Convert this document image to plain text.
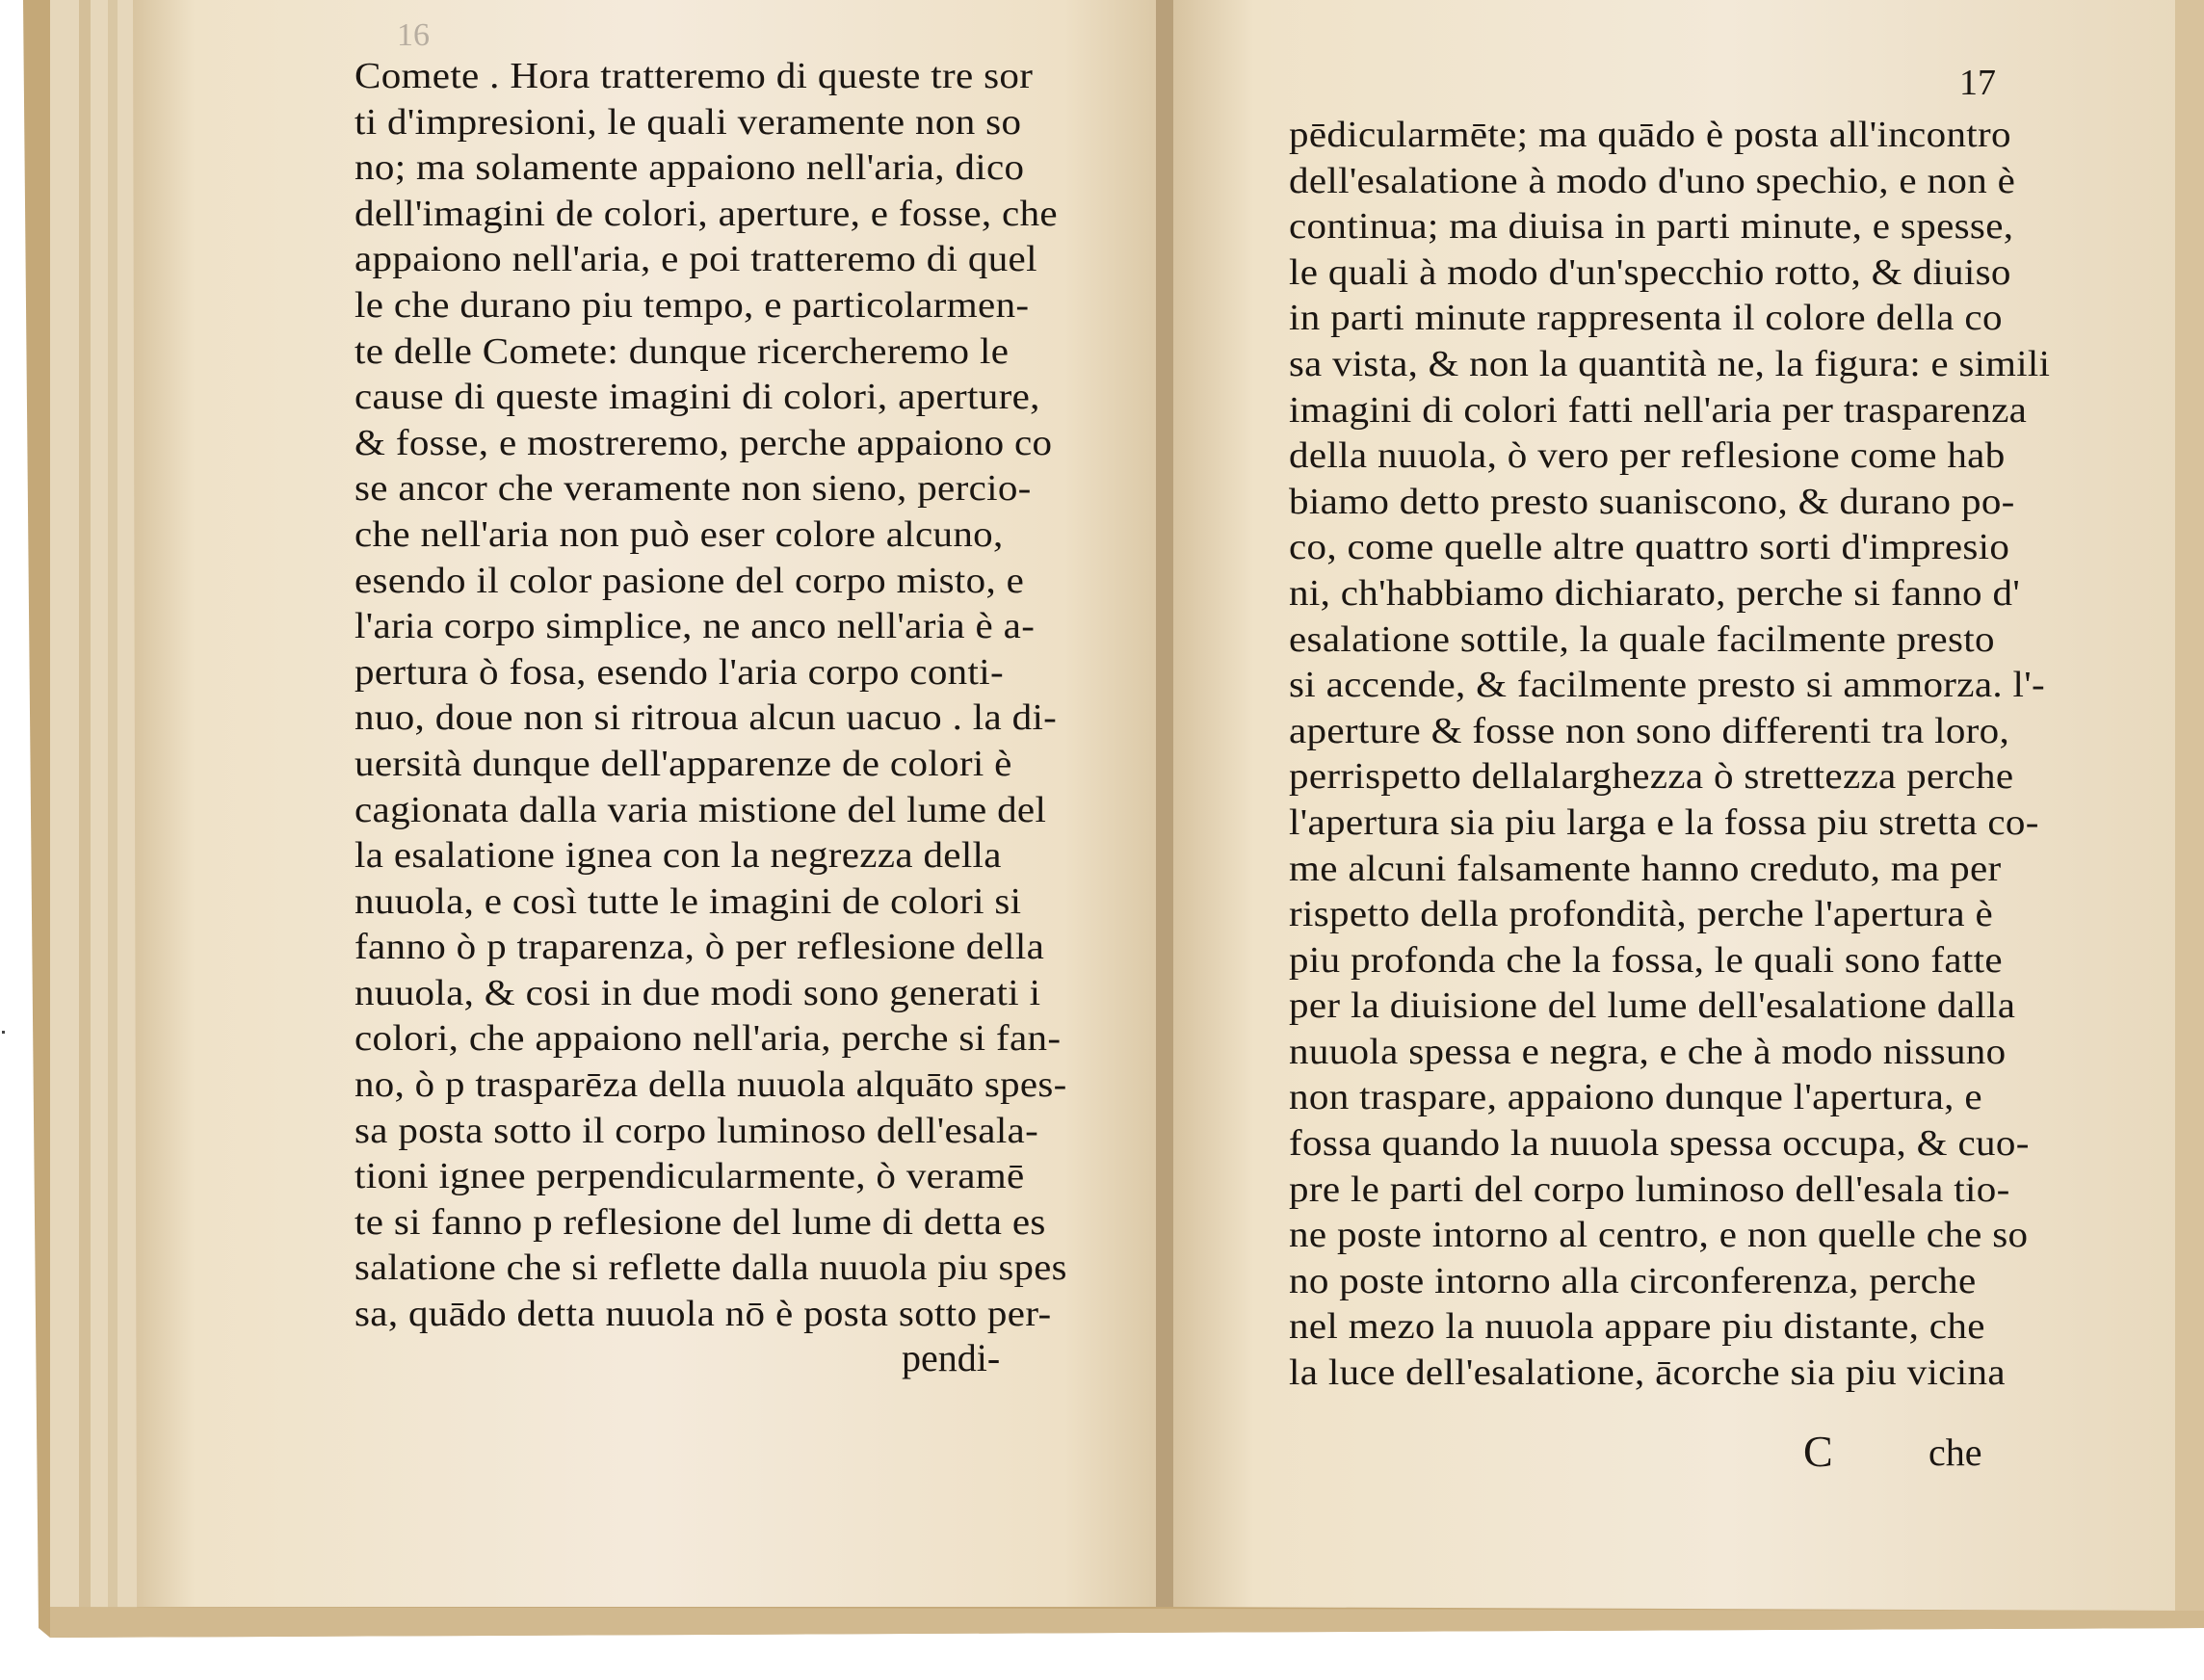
16
Comete . Hora tratteremo di queste tre sor
ti d'impresioni, le quali veramente non so
no; ma solamente appaiono nell'aria, dico
dell'imagini de colori, aperture, e fosse, che
appaiono nell'aria, e poi tratteremo di quel
le che durano piu tempo, e particolarmen-
te delle Comete: dunque ricercheremo le
cause di queste imagini di colori, aperture,
& fosse, e mostreremo, perche appaiono co
se ancor che veramente non sieno, percio-
che nell'aria non può eser colore alcuno,
esendo il color pasione del corpo misto, e
l'aria corpo simplice, ne anco nell'aria è a-
pertura ò fosa, esendo l'aria corpo conti-
nuo, doue non si ritroua alcun uacuo . la di-
uersità dunque dell'apparenze de colori è
cagionata dalla varia mistione del lume del
la esalatione ignea con la negrezza della
nuuola, e così tutte le imagini de colori si
fanno ò p traparenza, ò per reflesione della
nuuola, & cosi in due modi sono generati i
colori, che appaiono nell'aria, perche si fan-
no, ò p trasparēza della nuuola alquāto spes-
sa posta sotto il corpo luminoso dell'esala-
tioni ignee perpendicularmente, ò veramē
te si fanno p reflesione del lume di detta es
salatione che si reflette dalla nuuola piu spes
sa, quādo detta nuuola nō è posta sotto per-
pendi-
17
pēdicularmēte; ma quādo è posta all'incontro
dell'esalatione à modo d'uno spechio, e non è
continua; ma diuisa in parti minute, e spesse,
le quali à modo d'un'specchio rotto, & diuiso
in parti minute rappresenta il colore della co
sa vista, & non la quantità ne, la figura: e simili
imagini di colori fatti nell'aria per trasparenza
della nuuola, ò vero per reflesione come hab
biamo detto presto suaniscono, & durano po-
co, come quelle altre quattro sorti d'impresio
ni, ch'habbiamo dichiarato, perche si fanno d'
esalatione sottile, la quale facilmente presto
si accende, & facilmente presto si ammorza. l'-
aperture & fosse non sono differenti tra loro,
perrispetto dellalarghezza ò strettezza perche
l'apertura sia piu larga e la fossa piu stretta co-
me alcuni falsamente hanno creduto, ma per
rispetto della profondità, perche l'apertura è
piu profonda che la fossa, le quali sono fatte
per la diuisione del lume dell'esalatione dalla
nuuola spessa e negra, e che à modo nissuno
non traspare, appaiono dunque l'apertura, e
fossa quando la nuuola spessa occupa, & cuo-
pre le parti del corpo luminoso dell'esala tio-
ne poste intorno al centro, e non quelle che so
no poste intorno alla circonferenza, perche
nel mezo la nuuola appare piu distante, che
la luce dell'esalatione, ācorche sia piu vicina
C che
